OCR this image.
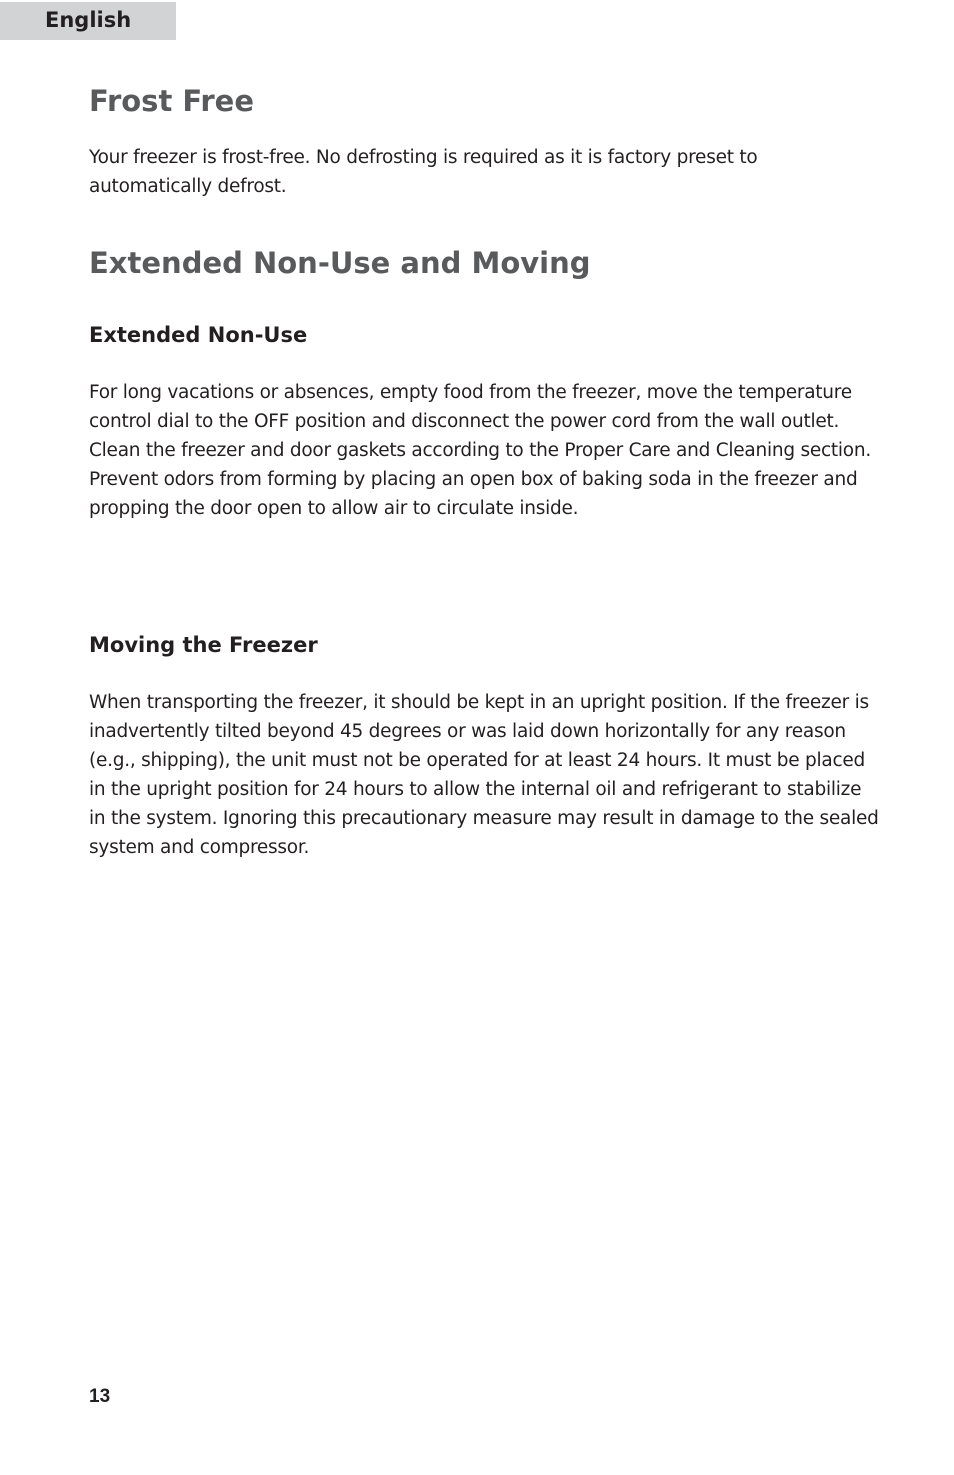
English
Frost Free

Your freezer is frost-free. No defrosting is required as it is factory preset to automatically defrost.

Extended Non-Use and Moving
Extended Non-Use

For long vacations or absences, empty food from the freezer, move the temperature control dial to the OFF position and disconnect the power cord from the wall outlet. Clean the freezer and door gaskets according to the Proper Care and Cleaning section. Prevent odors from forming by placing an open box of baking soda in the freezer and propping the door open to allow air to circulate inside.

Moving the Freezer

When transporting the freezer, it should be kept in an upright position. If the freezer is inadvertently tilted beyond 45 degrees or was laid down horizontally for any reason (e.g., shipping), the unit must not be operated for at least 24 hours. It must be placed in the upright position for 24 hours to allow the internal oil and refrigerant to stabilize in the system. Ignoring this precautionary measure may result in damage to the sealed system and compressor.

13
